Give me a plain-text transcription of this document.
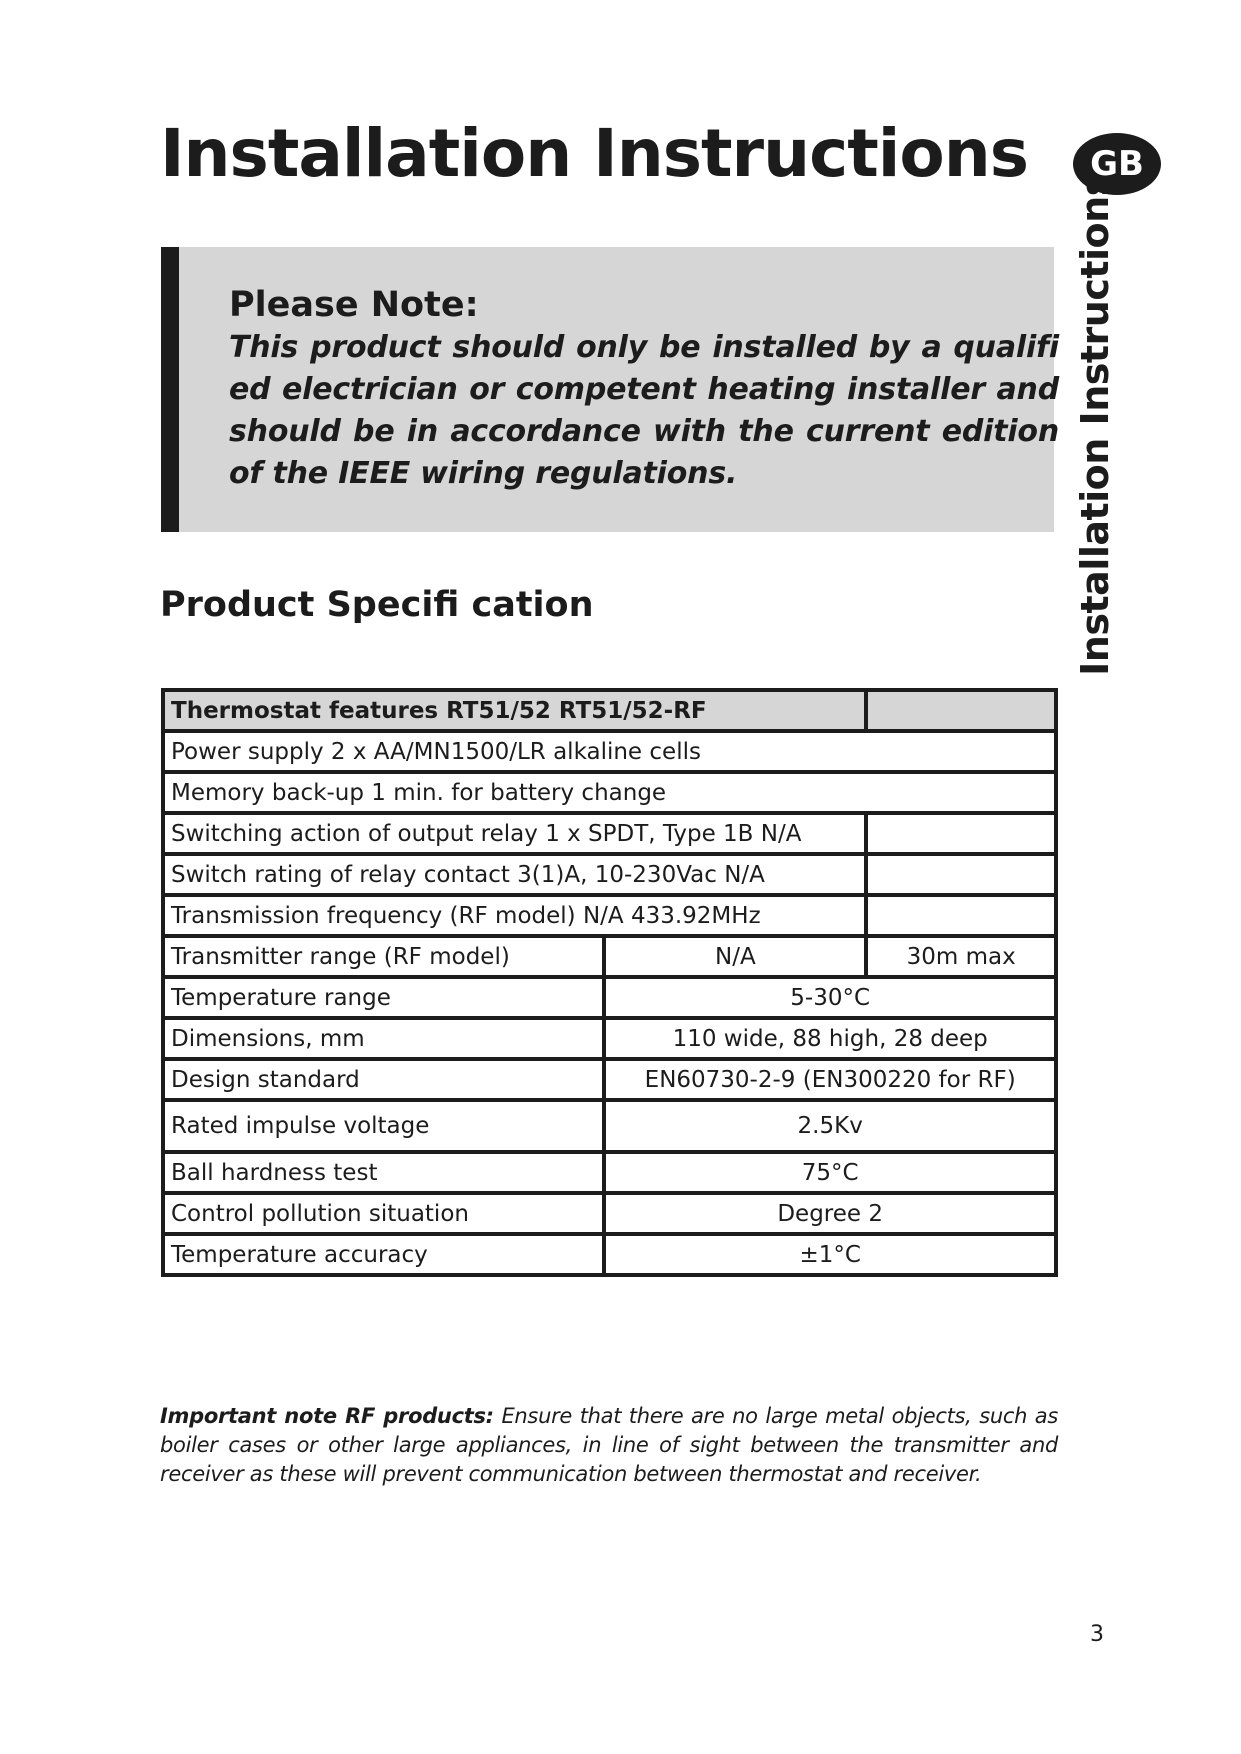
Installation Instructions	GB
Installation Instructions
Please Note:
This product should only be installed by a qualifi ed electrician or competent heating installer and should be in accordance with the current edition of the IEEE wiring regulations.
Product Specifi cation
Thermostat features RT51/52 RT51/52-RF		
Power supply 2 x AA/MN1500/LR alkaline cells		
Memory back-up 1 min. for battery change		
Switching action of output relay 1 x SPDT, Type 1B N/A		
Switch rating of relay contact 3(1)A, 10-230Vac N/A		
Transmission frequency (RF model) N/A 433.92MHz		
Transmitter range (RF model)	N/A	30m max
Temperature range	5-30°C	
Dimensions, mm	110 wide, 88 high, 28 deep	
Design standard	EN60730-2-9 (EN300220 for RF)	
Rated impulse voltage	2.5Kv	
Ball hardness test	75°C	
Control pollution situation	Degree 2	
Temperature accuracy	±1°C	

Important note RF products: Ensure that there are no large metal objects, such as boiler cases or other large appliances, in line of sight between the transmitter and receiver as these will prevent communication between thermostat and receiver.

3
